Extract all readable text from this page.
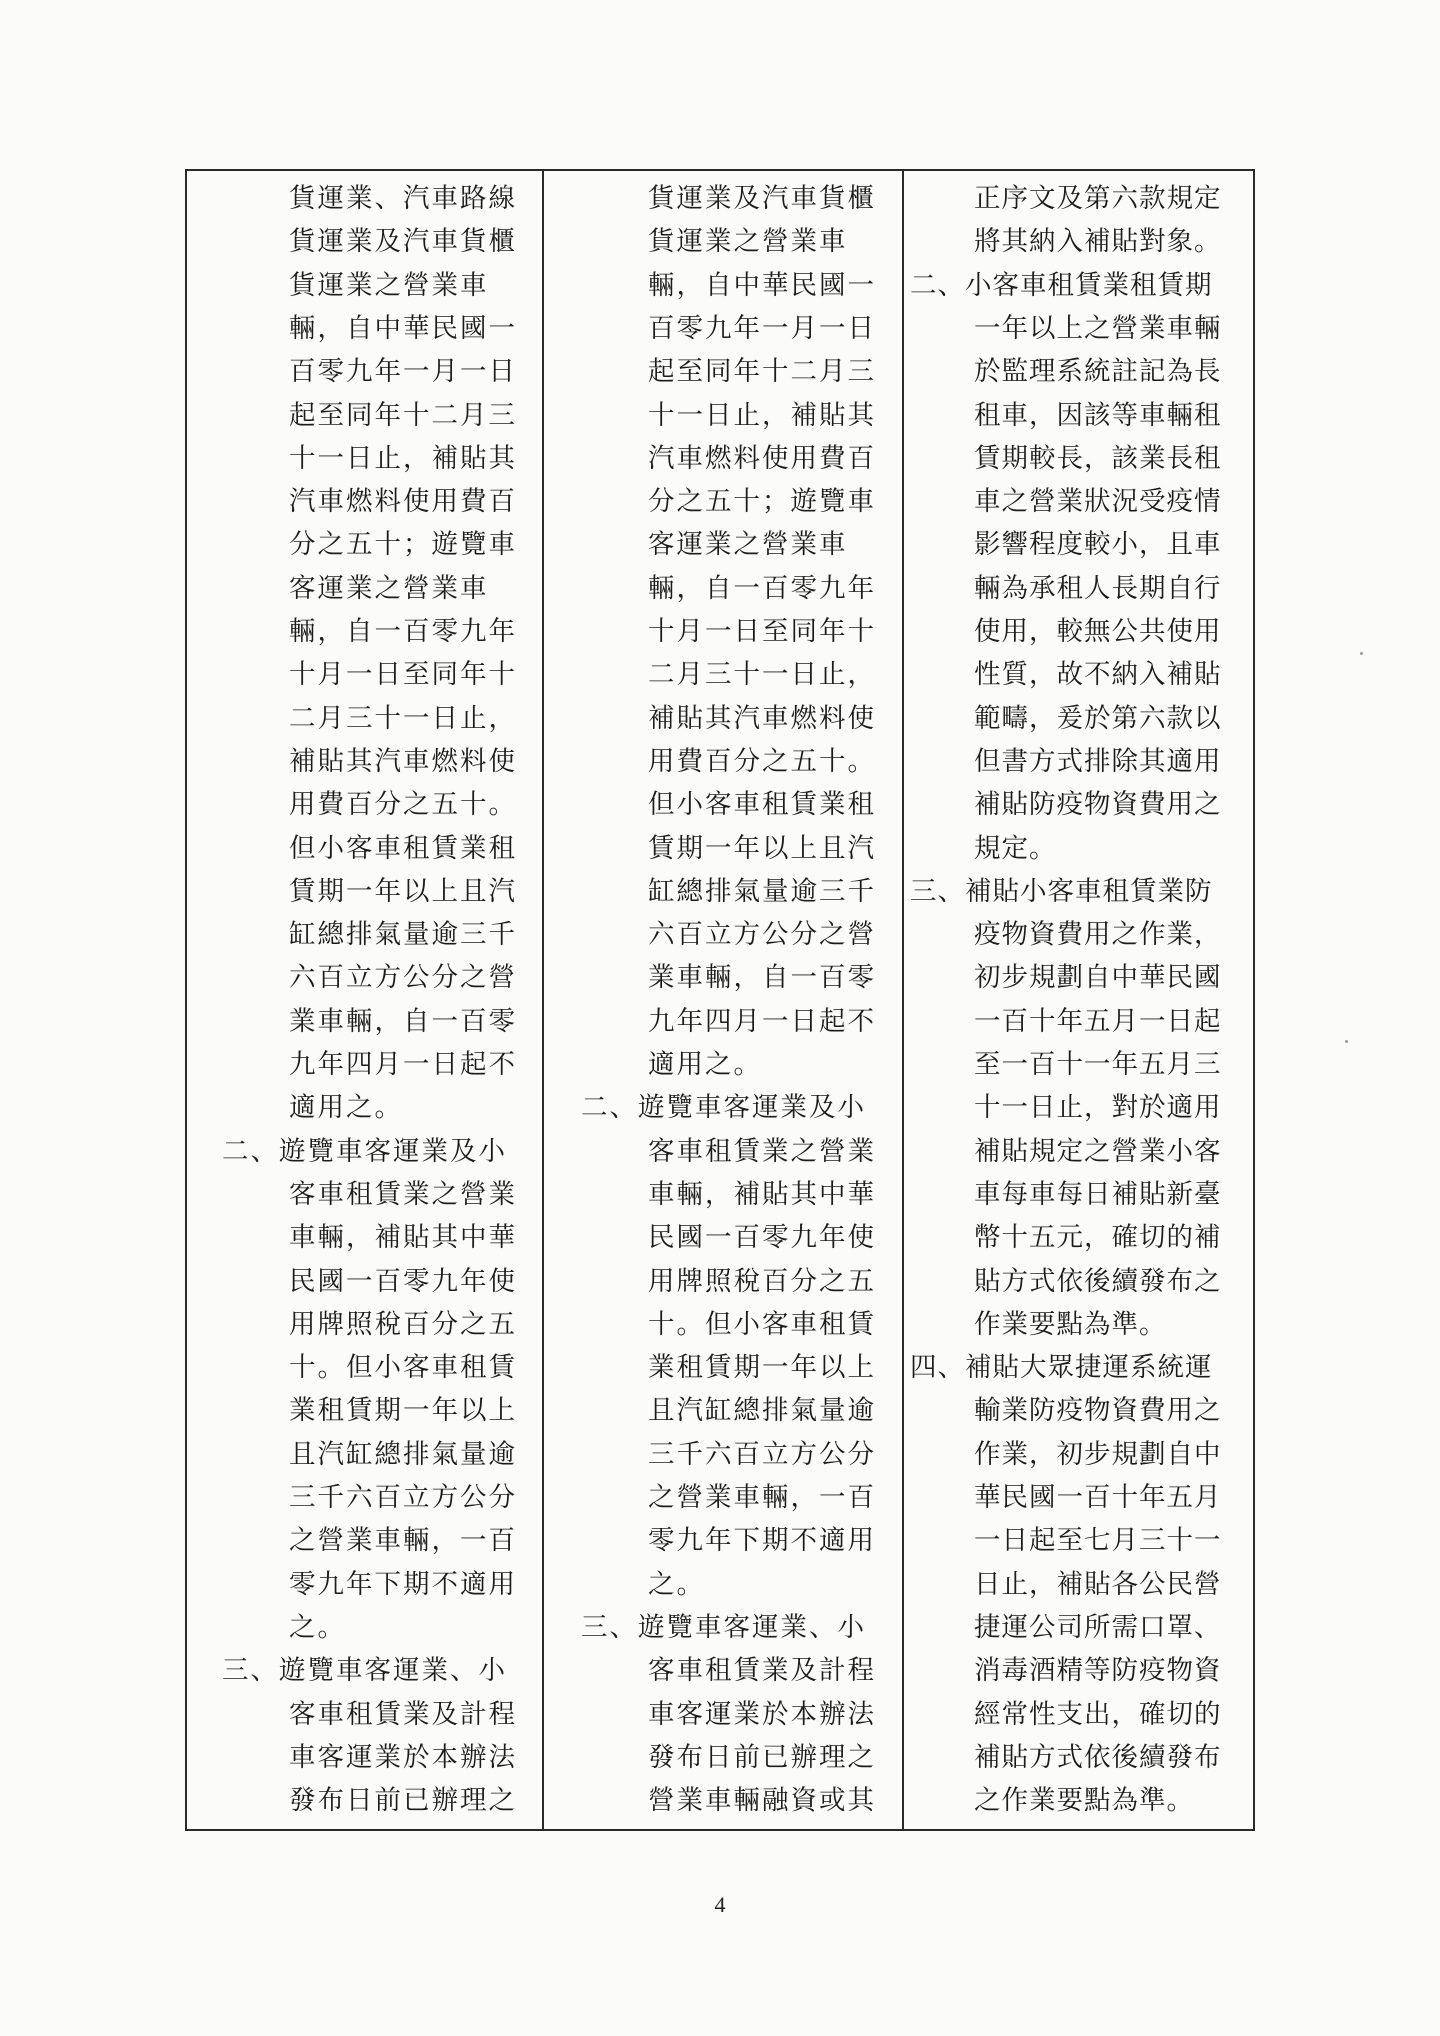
貨運業、汽車路線
貨運業及汽車貨櫃
貨運業之營業車
輛，自中華民國一
百零九年一月一日
起至同年十二月三
十一日止，補貼其
汽車燃料使用費百
分之五十；遊覽車
客運業之營業車
輛，自一百零九年
十月一日至同年十
二月三十一日止，
補貼其汽車燃料使
用費百分之五十。
但小客車租賃業租
賃期一年以上且汽
缸總排氣量逾三千
六百立方公分之營
業車輛，自一百零
九年四月一日起不
適用之。
二、遊覽車客運業及小
客車租賃業之營業
車輛，補貼其中華
民國一百零九年使
用牌照稅百分之五
十。但小客車租賃
業租賃期一年以上
且汽缸總排氣量逾
三千六百立方公分
之營業車輛，一百
零九年下期不適用
之。
三、遊覽車客運業、小
客車租賃業及計程
車客運業於本辦法
發布日前已辦理之
貨運業及汽車貨櫃
貨運業之營業車
輛，自中華民國一
百零九年一月一日
起至同年十二月三
十一日止，補貼其
汽車燃料使用費百
分之五十；遊覽車
客運業之營業車
輛，自一百零九年
十月一日至同年十
二月三十一日止，
補貼其汽車燃料使
用費百分之五十。
但小客車租賃業租
賃期一年以上且汽
缸總排氣量逾三千
六百立方公分之營
業車輛，自一百零
九年四月一日起不
適用之。
二、遊覽車客運業及小
客車租賃業之營業
車輛，補貼其中華
民國一百零九年使
用牌照稅百分之五
十。但小客車租賃
業租賃期一年以上
且汽缸總排氣量逾
三千六百立方公分
之營業車輛，一百
零九年下期不適用
之。
三、遊覽車客運業、小
客車租賃業及計程
車客運業於本辦法
發布日前已辦理之
營業車輛融資或其
正序文及第六款規定
將其納入補貼對象。
二、小客車租賃業租賃期
一年以上之營業車輛
於監理系統註記為長
租車，因該等車輛租
賃期較長，該業長租
車之營業狀況受疫情
影響程度較小，且車
輛為承租人長期自行
使用，較無公共使用
性質，故不納入補貼
範疇，爰於第六款以
但書方式排除其適用
補貼防疫物資費用之
規定。
三、補貼小客車租賃業防
疫物資費用之作業，
初步規劃自中華民國
一百十年五月一日起
至一百十一年五月三
十一日止，對於適用
補貼規定之營業小客
車每車每日補貼新臺
幣十五元，確切的補
貼方式依後續發布之
作業要點為準。
四、補貼大眾捷運系統運
輸業防疫物資費用之
作業，初步規劃自中
華民國一百十年五月
一日起至七月三十一
日止，補貼各公民營
捷運公司所需口罩、
消毒酒精等防疫物資
經常性支出，確切的
補貼方式依後續發布
之作業要點為準。
4
